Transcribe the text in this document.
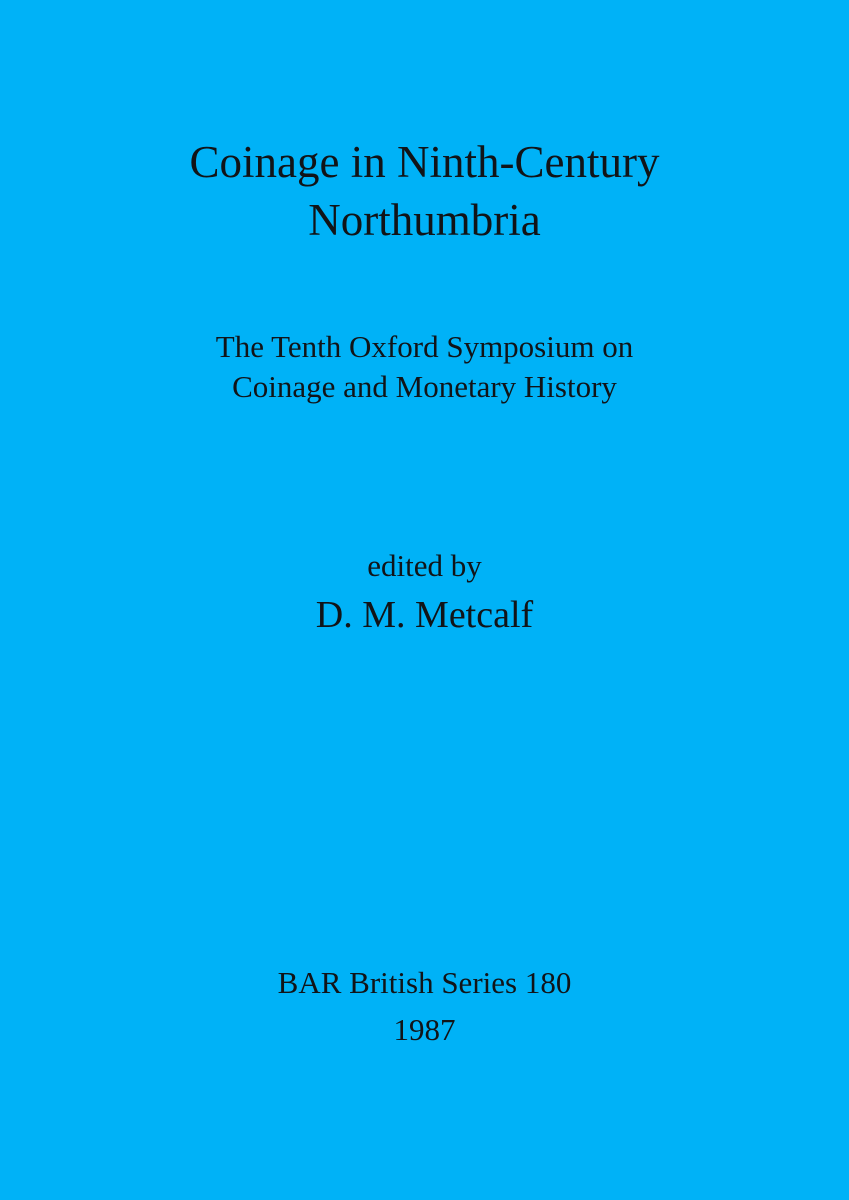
Coinage in Ninth-Century
Northumbria
The Tenth Oxford Symposium on
Coinage and Monetary History
edited by
D. M. Metcalf
BAR British Series 180
1987
